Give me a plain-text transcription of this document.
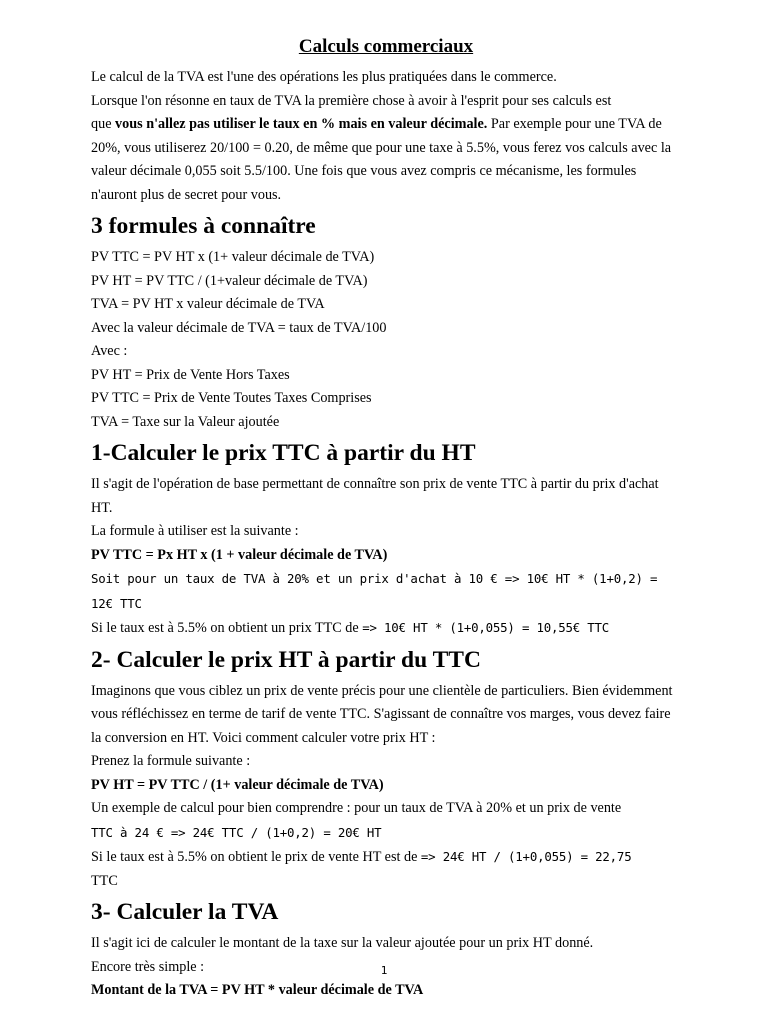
Calculs commerciaux

Le calcul de la TVA est l'une des opérations les plus pratiquées dans le commerce.

Lorsque l'on résonne en taux de TVA la première chose à avoir à l'esprit pour ses calculs est

que vous n'allez pas utiliser le taux en % mais en valeur décimale. Par exemple pour une TVA de 20%, vous utiliserez 20/100 = 0.20, de même que pour une taxe à 5.5%, vous ferez vos calculs avec la valeur décimale 0,055 soit 5.5/100. Une fois que vous avez compris ce mécanisme, les formules n'auront plus de secret pour vous.

3 formules à connaître

PV TTC = PV HT x (1+ valeur décimale de TVA)

PV HT = PV TTC / (1+valeur décimale de TVA)

TVA = PV HT x valeur décimale de TVA

Avec la valeur décimale de TVA = taux de TVA/100

Avec :

PV HT = Prix de Vente Hors Taxes

PV TTC = Prix de Vente Toutes Taxes Comprises

TVA = Taxe sur la Valeur ajoutée

1-Calculer le prix TTC à partir du HT

Il s'agit de l'opération de base permettant de connaître son prix de vente TTC à partir du prix d'achat HT.

La formule à utiliser est la suivante :

PV TTC = Px HT x (1 + valeur décimale de TVA)

Soit pour un taux de TVA à 20% et un prix d'achat à 10 € => 10€ HT * (1+0,2) = 12€ TTC

Si le taux est à 5.5% on obtient un prix TTC de => 10€ HT * (1+0,055) = 10,55€ TTC

2- Calculer le prix HT à partir du TTC

Imaginons que vous ciblez un prix de vente précis pour une clientèle de particuliers. Bien évidemment vous réfléchissez en terme de tarif de vente TTC. S'agissant de connaître vos marges, vous devez faire la conversion en HT. Voici comment calculer votre prix HT :

Prenez la formule suivante :

PV HT = PV TTC / (1+ valeur décimale de TVA)

Un exemple de calcul pour bien comprendre : pour un taux de TVA à 20% et un prix de vente

TTC à 24 € => 24€ TTC / (1+0,2) = 20€ HT

Si le taux est à 5.5% on obtient le prix de vente HT est de => 24€ HT / (1+0,055) = 22,75

TTC

3- Calculer la TVA

Il s'agit ici de calculer le montant de la taxe sur la valeur ajoutée pour un prix HT donné.

Encore très simple :

Montant de la TVA = PV HT * valeur décimale de TVA

1
